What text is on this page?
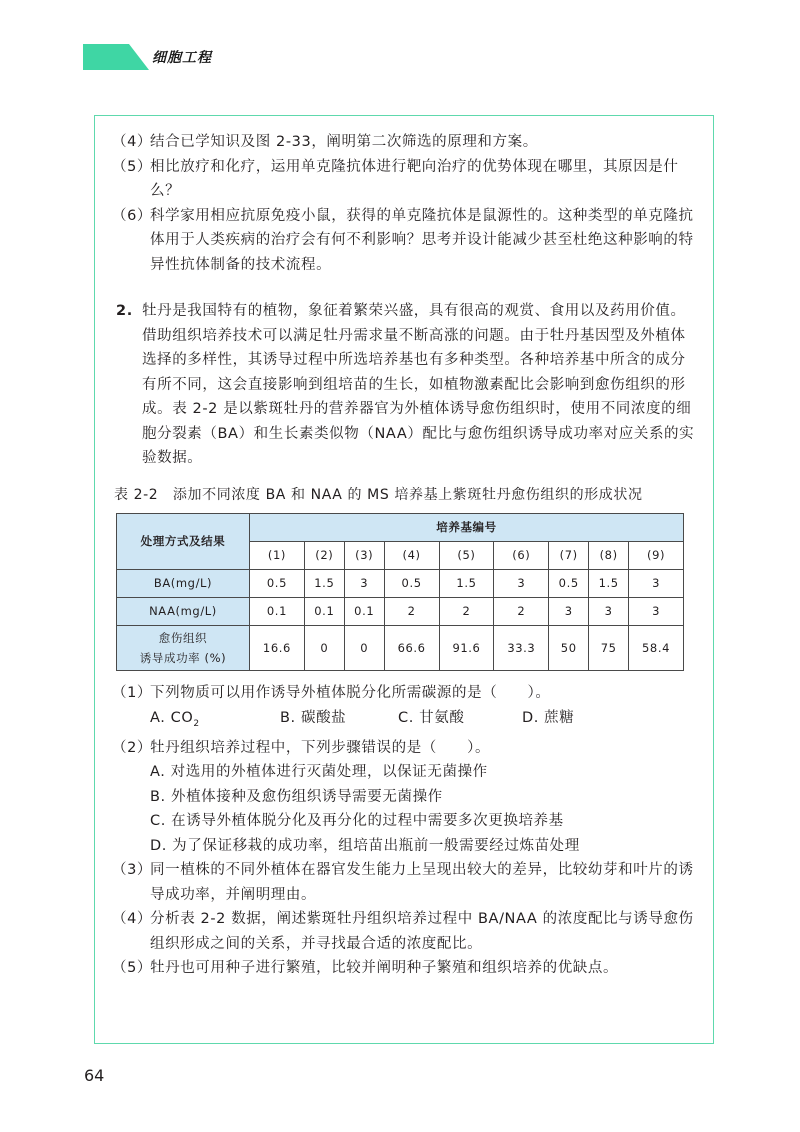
细胞工程
（4）
结合已学知识及图 2-33，阐明第二次筛选的原理和方案。
（5）
相比放疗和化疗，运用单克隆抗体进行靶向治疗的优势体现在哪里，其原因是什么？
（6）
科学家用相应抗原免疫小鼠，获得的单克隆抗体是鼠源性的。这种类型的单克隆抗体用于人类疾病的治疗会有何不利影响？思考并设计能减少甚至杜绝这种影响的特异性抗体制备的技术流程。
2. 牡丹是我国特有的植物，象征着繁荣兴盛，具有很高的观赏、食用以及药用价值。借助组织培养技术可以满足牡丹需求量不断高涨的问题。由于牡丹基因型及外植体选择的多样性，其诱导过程中所选培养基也有多种类型。各种培养基中所含的成分有所不同，这会直接影响到组培苗的生长，如植物激素配比会影响到愈伤组织的形成。表 2-2 是以紫斑牡丹的营养器官为外植体诱导愈伤组织时，使用不同浓度的细胞分裂素（BA）和生长素类似物（NAA）配比与愈伤组织诱导成功率对应关系的实验数据。
表 2-2　添加不同浓度 BA 和 NAA 的 MS 培养基上紫斑牡丹愈伤组织的形成状况
处理方式及结果	培养基编号								
	(1)	(2)	(3)	(4)	(5)	(6)	(7)	(8)	(9)
BA(mg/L)	0.5	1.5	3	0.5	1.5	3	0.5	1.5	3
NAA(mg/L)	0.1	0.1	0.1	2	2	2	3	3	3

愈伤组织
诱导成功率 (%)	16.6	0	0	66.6	91.6	33.3	50	75	58.4
（1）
下列物质可以用作诱导外植体脱分化所需碳源的是（　　）。
A. $CO_2$	B. 碳酸盐	C. 甘氨酸	D. 蔗糖
（2）
牡丹组织培养过程中，下列步骤错误的是（　　）。
A. 对选用的外植体进行灭菌处理，以保证无菌操作
B. 外植体接种及愈伤组织诱导需要无菌操作
C. 在诱导外植体脱分化及再分化的过程中需要多次更换培养基
D. 为了保证移栽的成功率，组培苗出瓶前一般需要经过炼苗处理
（3）
同一植株的不同外植体在器官发生能力上呈现出较大的差异，比较幼芽和叶片的诱导成功率，并阐明理由。
（4）
分析表 2-2 数据，阐述紫斑牡丹组织培养过程中 BA/NAA 的浓度配比与诱导愈伤组织形成之间的关系，并寻找最合适的浓度配比。
（5）
牡丹也可用种子进行繁殖，比较并阐明种子繁殖和组织培养的优缺点。
64
